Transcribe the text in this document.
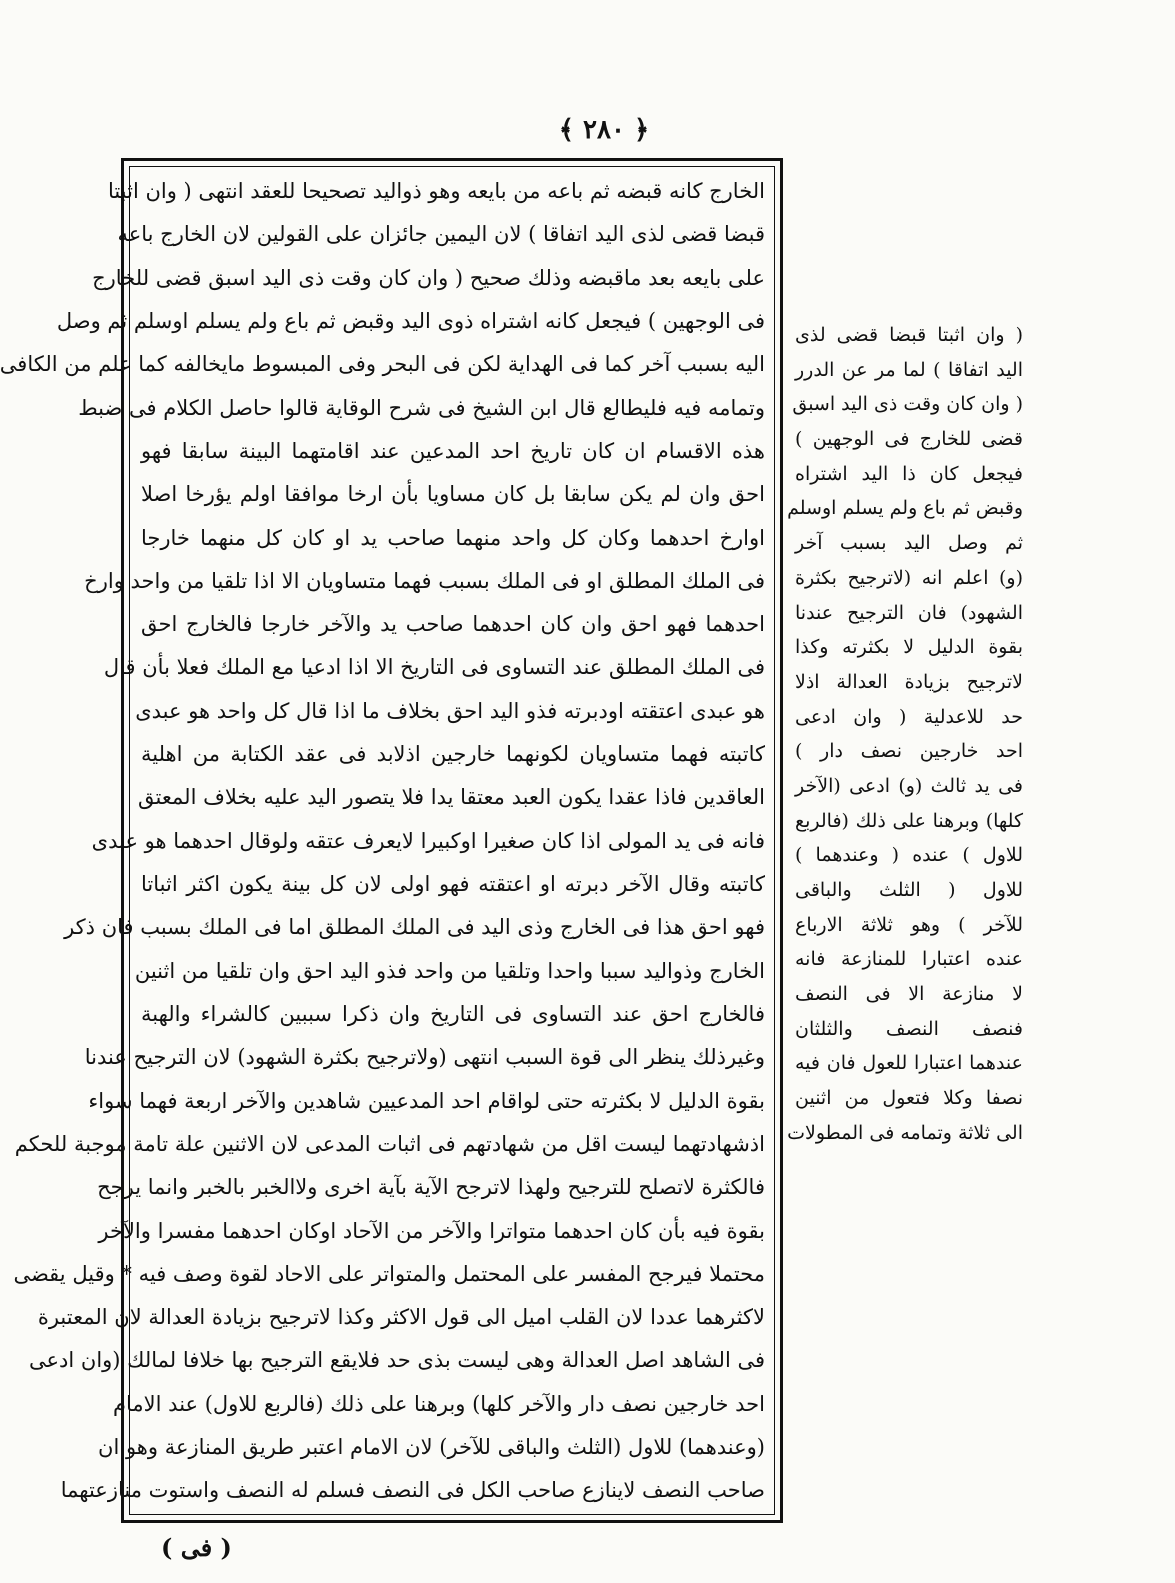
﴿ ٢٨٠ ﴾
الخارج كانه قبضه ثم باعه من بايعه وهو ذواليد تصحيحا للعقد انتهى ( وان اثبتا
قبضا قضى لذى اليد اتفاقا ) لان اليمين جائزان على القولين لان الخارج باعه
على بايعه بعد ماقبضه وذلك صحيح ( وان كان وقت ذى اليد اسبق قضى للخارج
فى الوجهين ) فيجعل كانه اشتراه ذوى اليد وقبض ثم باع ولم يسلم اوسلم ثم وصل
اليه بسبب آخر كما فى الهداية لكن فى البحر وفى المبسوط مايخالفه كما علم من الكافى
وتمامه فيه فليطالع قال ابن الشيخ فى شرح الوقاية قالوا حاصل الكلام فى ضبط
هذه الاقسام ان كان تاريخ احد المدعين عند اقامتهما البينة سابقا فهو
احق وان لم يكن سابقا بل كان مساويا بأن ارخا موافقا اولم يؤرخا اصلا
اوارخ احدهما وكان كل واحد منهما صاحب يد او كان كل منهما خارجا
فى الملك المطلق او فى الملك بسبب فهما متساويان الا اذا تلقيا من واحد وارخ
احدهما فهو احق وان كان احدهما صاحب يد والآخر خارجا فالخارج احق
فى الملك المطلق عند التساوى فى التاريخ الا اذا ادعيا مع الملك فعلا بأن قال
هو عبدى اعتقته اودبرته فذو اليد احق بخلاف ما اذا قال كل واحد هو عبدى
كاتبته فهما متساويان لكونهما خارجين اذلابد فى عقد الكتابة من اهلية
العاقدين فاذا عقدا يكون العبد معتقا يدا فلا يتصور اليد عليه بخلاف المعتق
فانه فى يد المولى اذا كان صغيرا اوكبيرا لايعرف عتقه ولوقال احدهما هو عبدى
كاتبته وقال الآخر دبرته او اعتقته فهو اولى لان كل بينة يكون اكثر اثباتا
فهو احق هذا فى الخارج وذى اليد فى الملك المطلق اما فى الملك بسبب فان ذكر
الخارج وذواليد سببا واحدا وتلقيا من واحد فذو اليد احق وان تلقيا من اثنين
فالخارج احق عند التساوى فى التاريخ وان ذكرا سببين كالشراء والهبة
وغيرذلك ينظر الى قوة السبب انتهى (ولاترجيح بكثرة الشهود) لان الترجيح عندنا
بقوة الدليل لا بكثرته حتى لواقام احد المدعيين شاهدين والآخر اربعة فهما سواء
اذشهادتهما ليست اقل من شهادتهم فى اثبات المدعى لان الاثنين علة تامة موجبة للحكم
فالكثرة لاتصلح للترجيح ولهذا لاترجح الآية بآية اخرى ولاالخبر بالخبر وانما يرجح
بقوة فيه بأن كان احدهما متواترا والآخر من الآحاد اوكان احدهما مفسرا والآخر
محتملا فيرجح المفسر على المحتمل والمتواتر على الاحاد لقوة وصف فيه * وقيل يقضى
لاكثرهما عددا لان القلب اميل الى قول الاكثر وكذا لاترجيح بزيادة العدالة لان المعتبرة
فى الشاهد اصل العدالة وهى ليست بذى حد فلايقع الترجيح بها خلافا لمالك (وان ادعى
احد خارجين نصف دار والآخر كلها) وبرهنا على ذلك (فالربع للاول) عند الامام
(وعندهما) للاول (الثلث والباقى للآخر) لان الامام اعتبر طريق المنازعة وهو ان
صاحب النصف لاينازع صاحب الكل فى النصف فسلم له النصف واستوت منازعتهما
( وان اثبتا قبضا قضى لذى
اليد اتفاقا ) لما مر عن الدرر
( وان كان وقت ذى اليد اسبق
قضى للخارج فى الوجهين )
فيجعل كان ذا اليد اشتراه
وقبض ثم باع ولم يسلم اوسلم
ثم وصل اليد بسبب آخر
(و) اعلم انه (لاترجيح بكثرة
الشهود) فان الترجيح عندنا
بقوة الدليل لا بكثرته وكذا
لاترجيح بزيادة العدالة اذلا
حد للاعدلية ( وان ادعى
احد خارجين نصف دار )
فى يد ثالث (و) ادعى (الآخر
كلها) وبرهنا على ذلك (فالربع
للاول ) عنده ( وعندهما )
للاول ( الثلث والباقى
للآخر ) وهو ثلاثة الارباع
عنده اعتبارا للمنازعة فانه
لا منازعة الا فى النصف
فنصف النصف والثلثان
عندهما اعتبارا للعول فان فيه
نصفا وكلا فتعول من اثنين
الى ثلاثة وتمامه فى المطولات
( فى )
